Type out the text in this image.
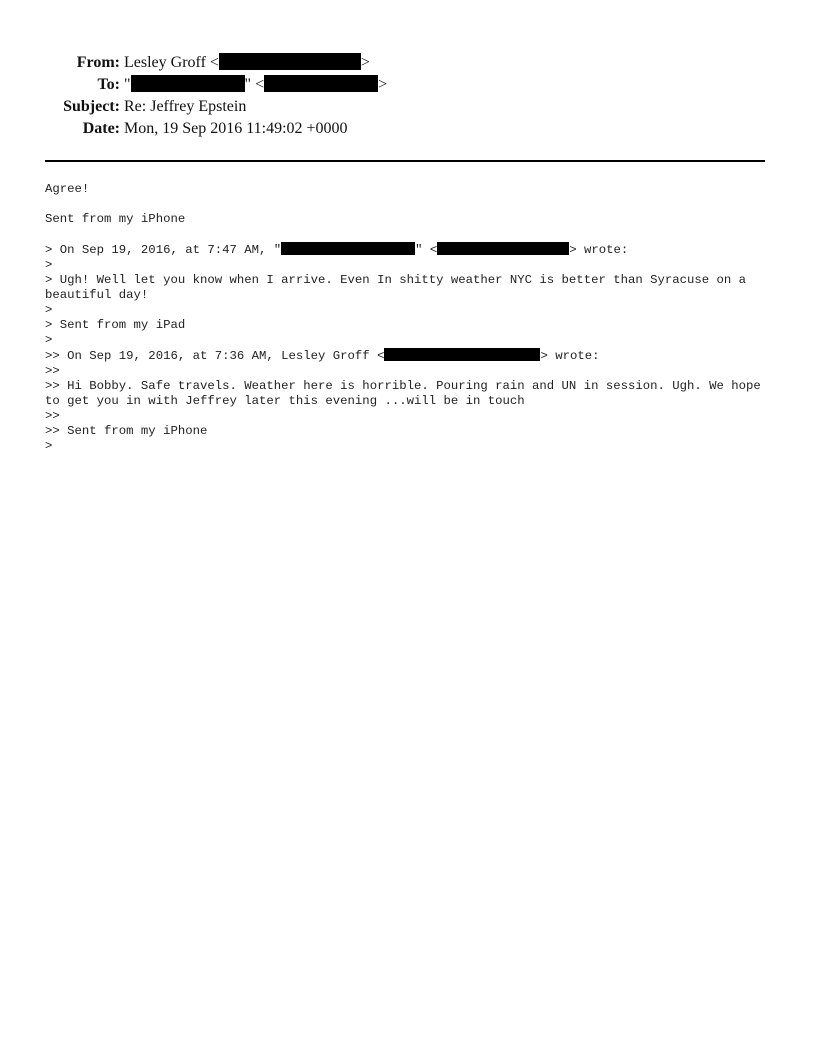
From: Lesley Groff <	>
To: "	" <	>
Subject: Re: Jeffrey Epstein
Date: Mon, 19 Sep 2016 11:49:02 +0000
Agree!
Sent from my iPhone
> On Sep 19, 2016, at 7:47 AM, "	" <	> wrote:
>
> Ugh! Well let you know when I arrive. Even In shitty weather NYC is better than Syracuse on a beautiful day!
>
> Sent from my iPad
>
>> On Sep 19, 2016, at 7:36 AM, Lesley Groff <	> wrote:
>>
>> Hi Bobby. Safe travels. Weather here is horrible. Pouring rain and UN in session. Ugh. We hope to get you in with Jeffrey later this evening ...will be in touch
>>
>> Sent from my iPhone
>
